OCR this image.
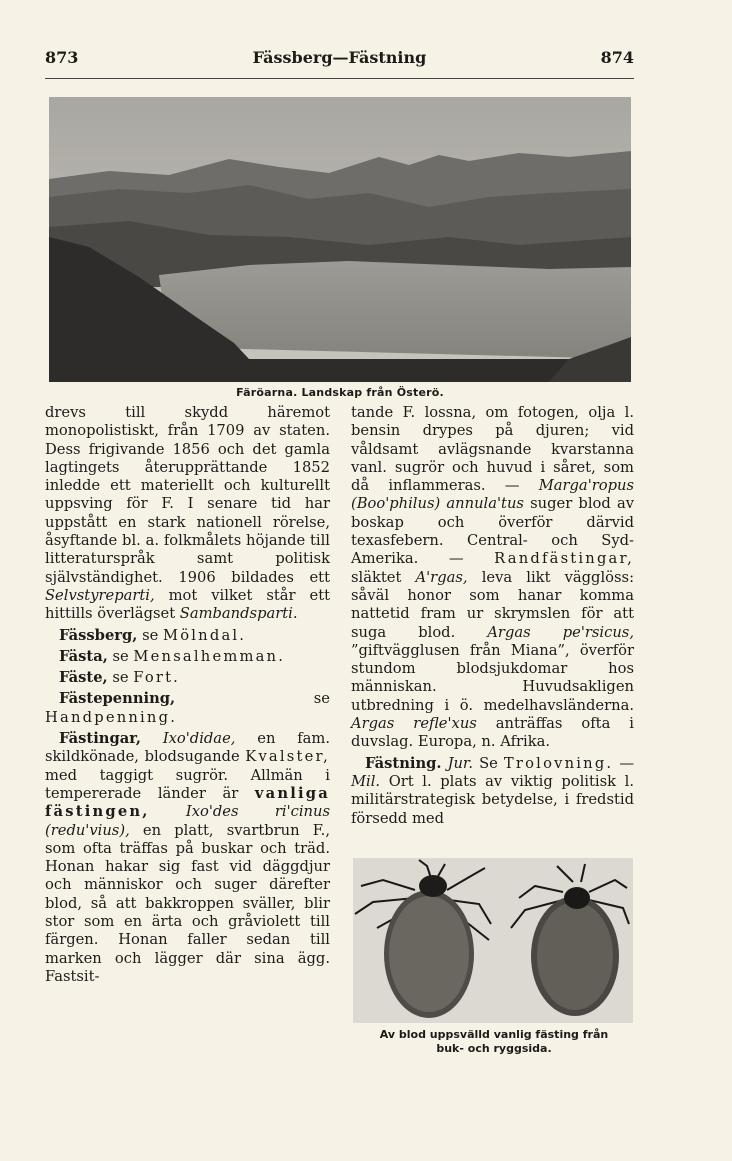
873	Fässberg—Fästning	874
Färöarna. Landskap från Österö.

drevs till skydd häremot monopolistiskt, från 1709 av staten. Dess frigivande 1856 och det gamla lagtingets återupprättande 1852 inledde ett materiellt och kulturellt uppsving för F. I senare tid har uppstått en stark nationell rörelse, åsyftande bl. a. folkmålets höjande till litteraturspråk samt politisk självständighet. 1906 bildades ett Selvstyreparti, mot vilket står ett hittills överlägset Sambandsparti.

Fässberg, se Mölndal.

Fästa, se Mensalhemman.

Fäste, se Fort.

Fästepenning,	se Handpenning.

Fästingar, Ixo'didae, en fam. skildkönade, blodsugande Kvalster, med taggigt sugrör. Allmän i tempererade länder är vanliga fästingen, Ixo'des ri'cinus (redu'vius), en platt, svartbrun F., som ofta träffas på buskar och träd. Honan hakar sig fast vid däggdjur och människor och suger därefter blod, så att bakkroppen sväller, blir stor som en ärta och gråviolett till färgen. Honan faller sedan till marken och lägger där sina ägg. Fastsit-

tande F. lossna, om fotogen, olja l. bensin drypes på djuren; vid våldsamt avlägsnande kvarstanna vanl. sugrör och huvud i såret, som då inflammeras. — Marga'ropus (Boo'philus) annula'tus suger blod av boskap och överför därvid texasfebern. Central- och Syd-Amerika. — Randfästingar, släktet A'rgas, leva likt vägglöss: såväl honor som hanar komma nattetid fram ur skrymslen för att suga blod. Argas pe'rsicus, ”giftvägglusen från Miana”, överför stundom blodsjukdomar hos människan. Huvudsakligen utbredning i ö. medelhavsländerna. Argas refle'xus anträffas ofta i duvslag. Europa, n. Afrika.

Fästning. Jur. Se Trolovning. — Mil. Ort l. plats av viktig politisk l. militärstrategisk betydelse, i fredstid försedd med

Av blod uppsvälld vanlig fästing från
buk- och ryggsida.
